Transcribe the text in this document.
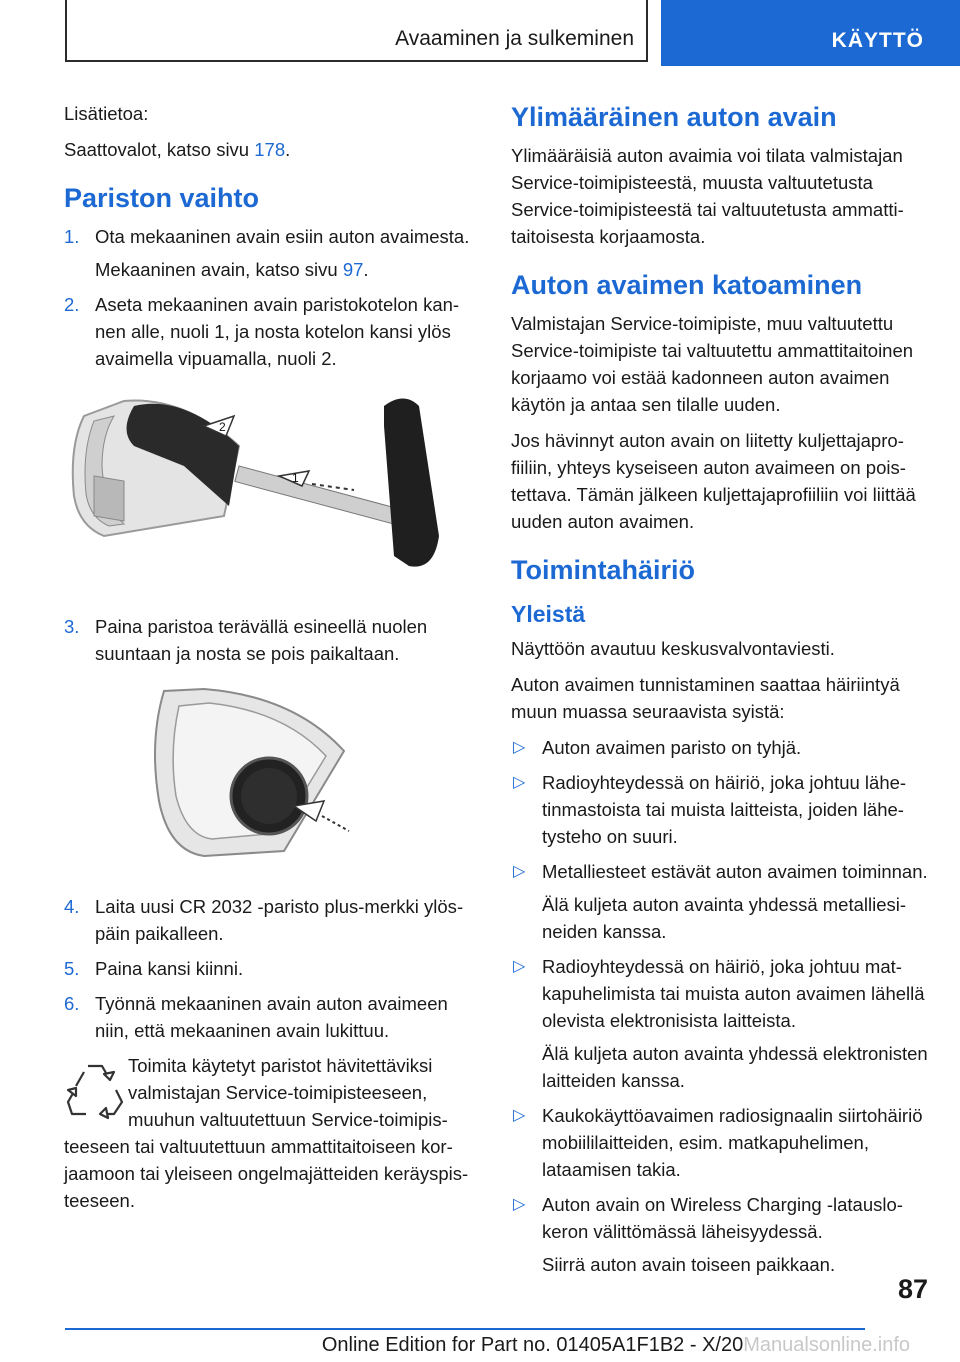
Avaaminen ja sulkeminen	KÄYTTÖ

Lisätietoa:

Saattovalot, katso sivu 178.

Pariston vaihto
1. Ota mekaaninen avain esiin auton avaimesta.

Mekaaninen avain, katso sivu 97.

2. Aseta mekaaninen avain paristokotelon kannen alle, nuoli 1, ja nosta kotelon kansi ylös avaimella vipuamalla, nuoli 2.
2
1
3. Paina paristoa terävällä esineellä nuolen suuntaan ja nosta se pois paikaltaan.
4. Laita uusi CR 2032 -paristo plus-merkki ylöspäin paikalleen.
5. Paina kansi kiinni.
6. Työnnä mekaaninen avain auton avaimeen niin, että mekaaninen avain lukittuu.
Toimita käytetyt paristot hävitettäviksi valmistajan Service-toimipisteeseen, muuhun valtuutettuun Service-toimipisteeseen tai valtuutettuun ammattitaitoiseen korjaamoon tai yleiseen ongelmajätteiden keräyspisteeseen.
Ylimääräinen auton avain

Ylimääräisiä auton avaimia voi tilata valmistajan Service-toimipisteestä, muusta valtuutetusta Service-toimipisteestä tai valtuutetusta ammattitaitoisesta korjaamosta.

Auton avaimen katoaminen

Valmistajan Service-toimipiste, muu valtuutettu Service-toimipiste tai valtuutettu ammattitaitoinen korjaamo voi estää kadonneen auton avaimen käytön ja antaa sen tilalle uuden.

Jos hävinnyt auton avain on liitetty kuljettajaprofiiliin, yhteys kyseiseen auton avaimeen on poistettava. Tämän jälkeen kuljettajaprofiiliin voi liittää uuden auton avaimen.

Toimintahäiriö
Yleistä

Näyttöön avautuu keskusvalvontaviesti.

Auton avaimen tunnistaminen saattaa häiriintyä muun muassa seuraavista syistä:

▷ Auton avaimen paristo on tyhjä.
▷ Radioyhteydessä on häiriö, joka johtuu lähetinmastoista tai muista laitteista, joiden lähetysteho on suuri.
▷ Metalliesteet estävät auton avaimen toiminnan.

Älä kuljeta auton avainta yhdessä metalliesineiden kanssa.

▷ Radioyhteydessä on häiriö, joka johtuu matkapuhelimista tai muista auton avaimen lähellä olevista elektronisista laitteista.

Älä kuljeta auton avainta yhdessä elektronisten laitteiden kanssa.

▷ Kaukokäyttöavaimen radiosignaalin siirtohäiriö mobiililaitteiden, esim. matkapuhelimen, lataamisen takia.
▷ Auton avain on Wireless Charging -latauslokeron välittömässä läheisyydessä.

Siirrä auton avain toiseen paikkaan.

87
Online Edition for Part no. 01405A1F1B2 - X/20Manualsonline.info
